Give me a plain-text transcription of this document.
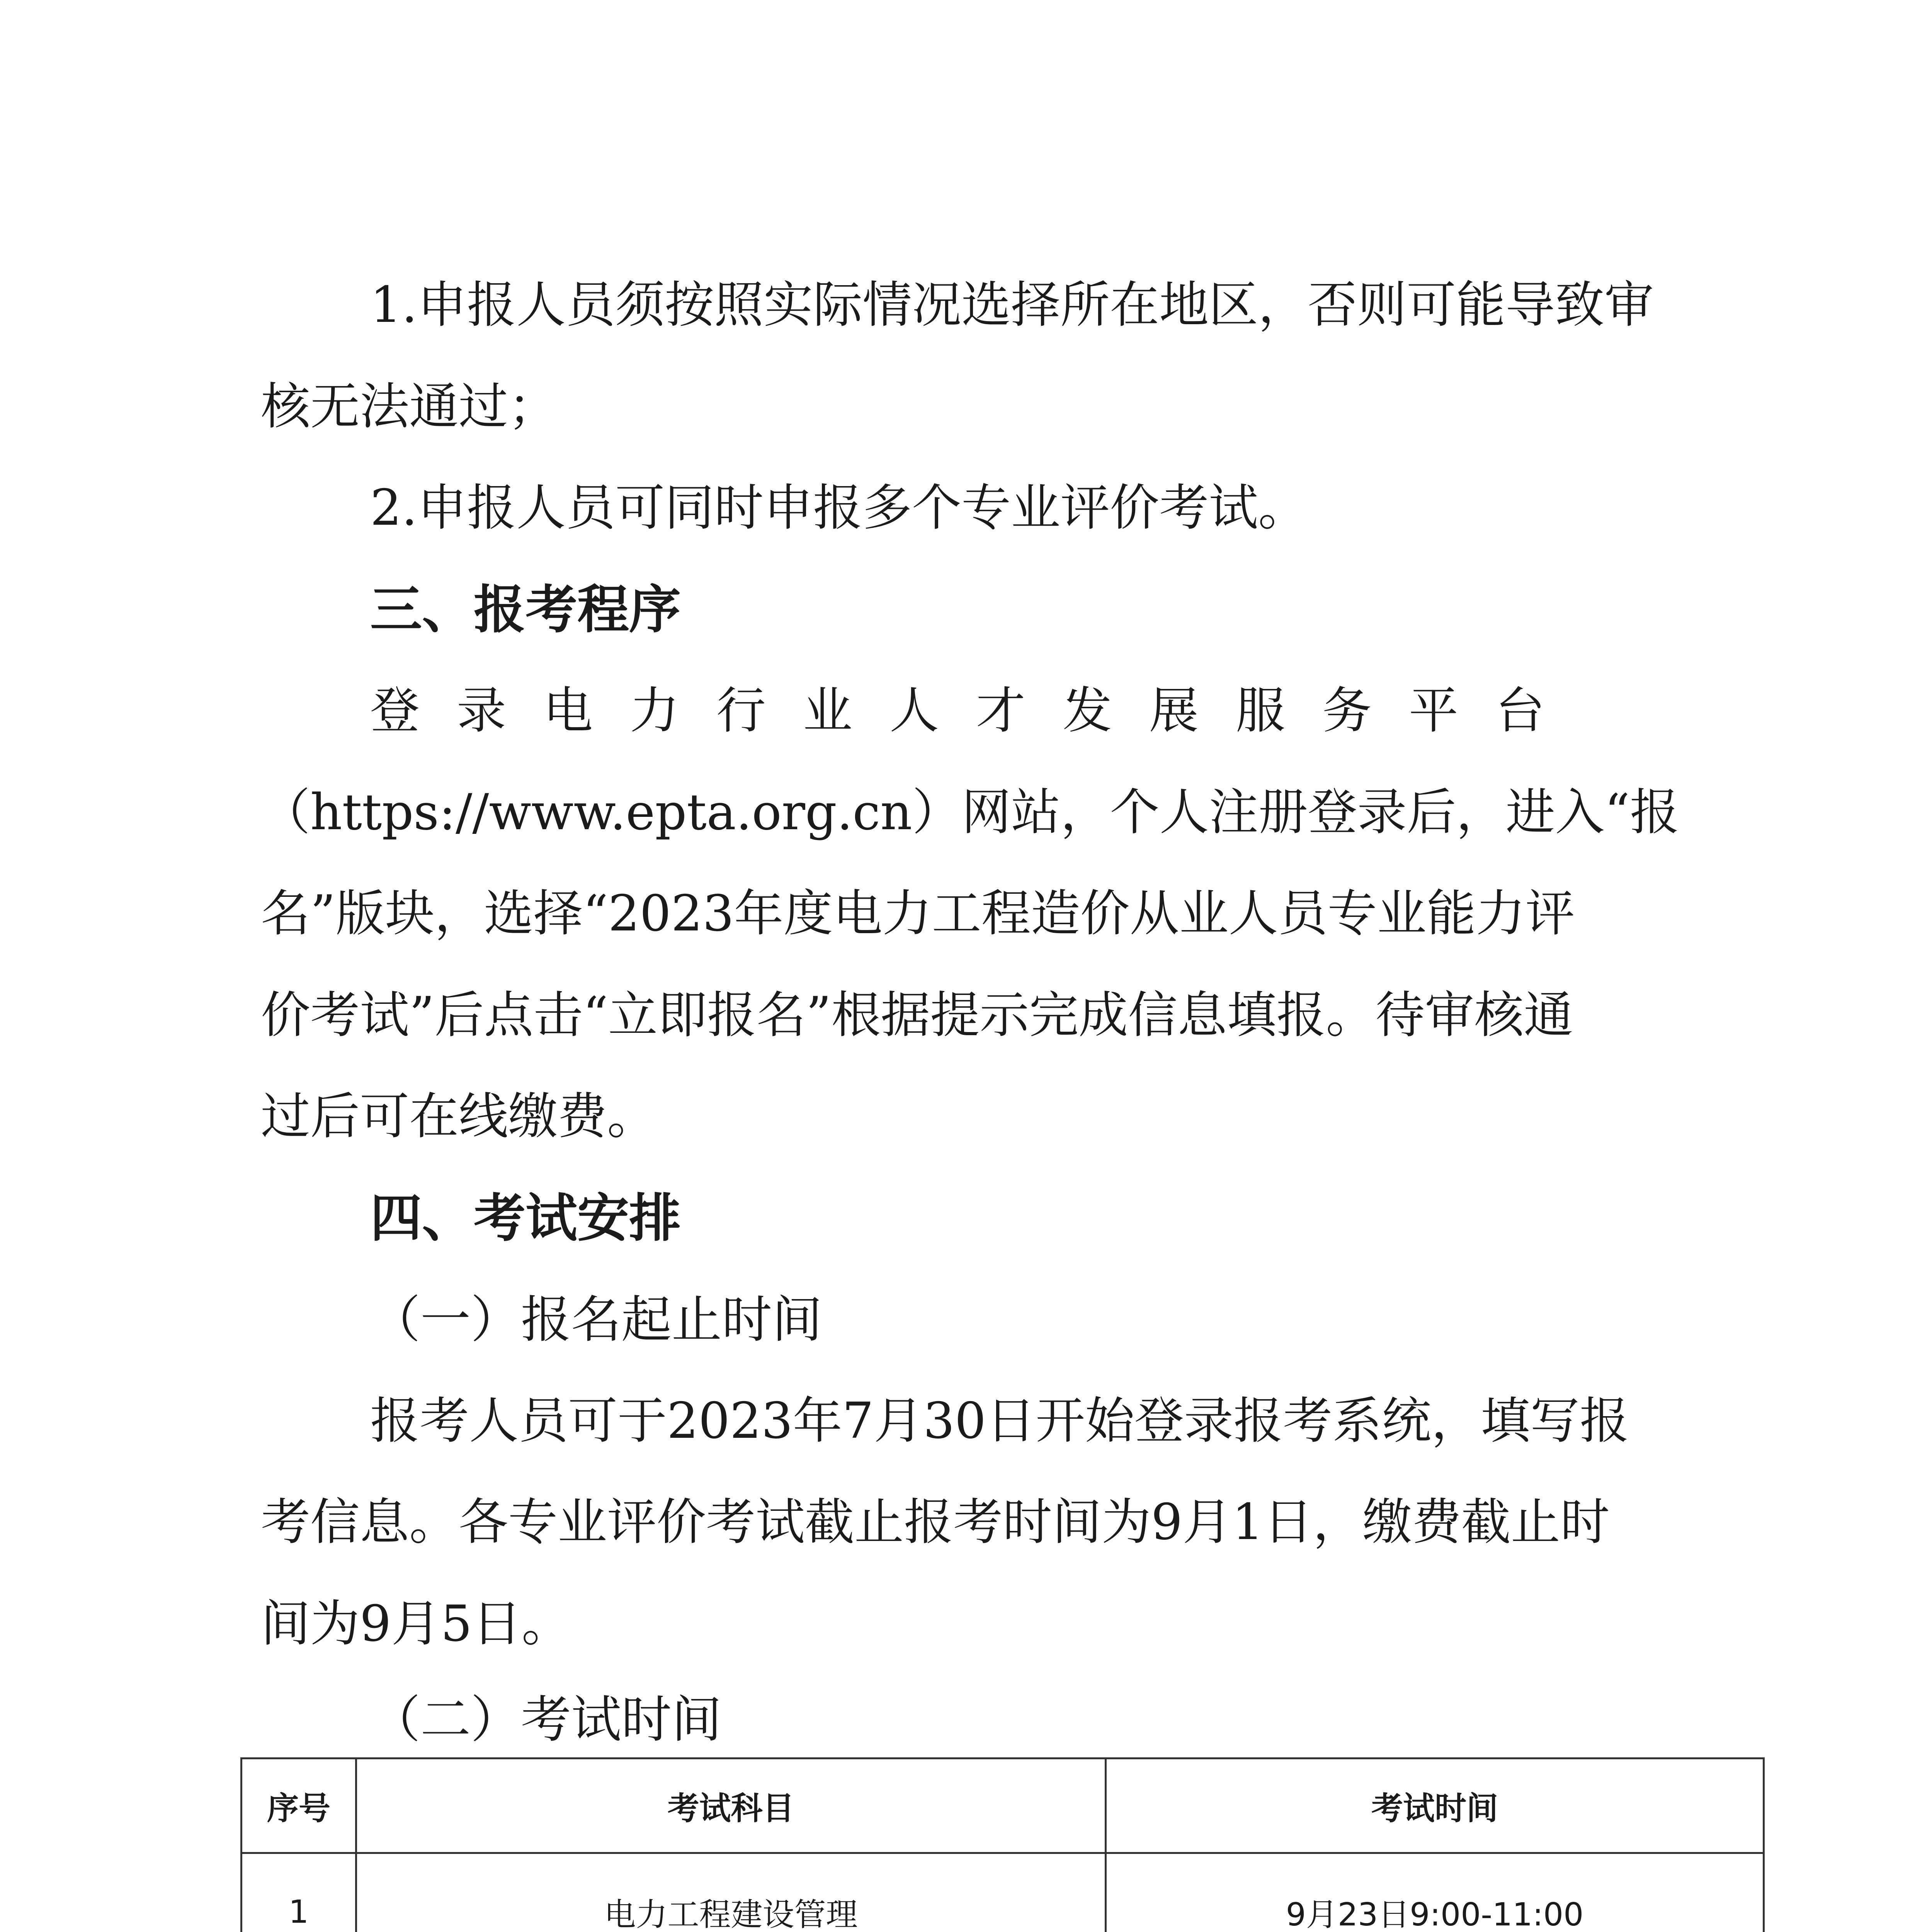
1.申报人员须按照实际情况选择所在地区，否则可能导致审

核无法通过；

2.申报人员可同时申报多个专业评价考试。

三、报考程序

登录电力行业人才发展服务平台

（https://www.epta.org.cn）网站，个人注册登录后，进入“报

名”版块，选择“2023年度电力工程造价从业人员专业能力评

价考试”后点击“立即报名”根据提示完成信息填报。待审核通

过后可在线缴费。

四、考试安排

（一）报名起止时间

报考人员可于2023年7月30日开始登录报考系统，填写报

考信息。各专业评价考试截止报考时间为9月1日，缴费截止时

间为9月5日。

（二）考试时间

序号	考试科目	考试时间
1	电力工程建设管理	9月23日9:00-11:00
